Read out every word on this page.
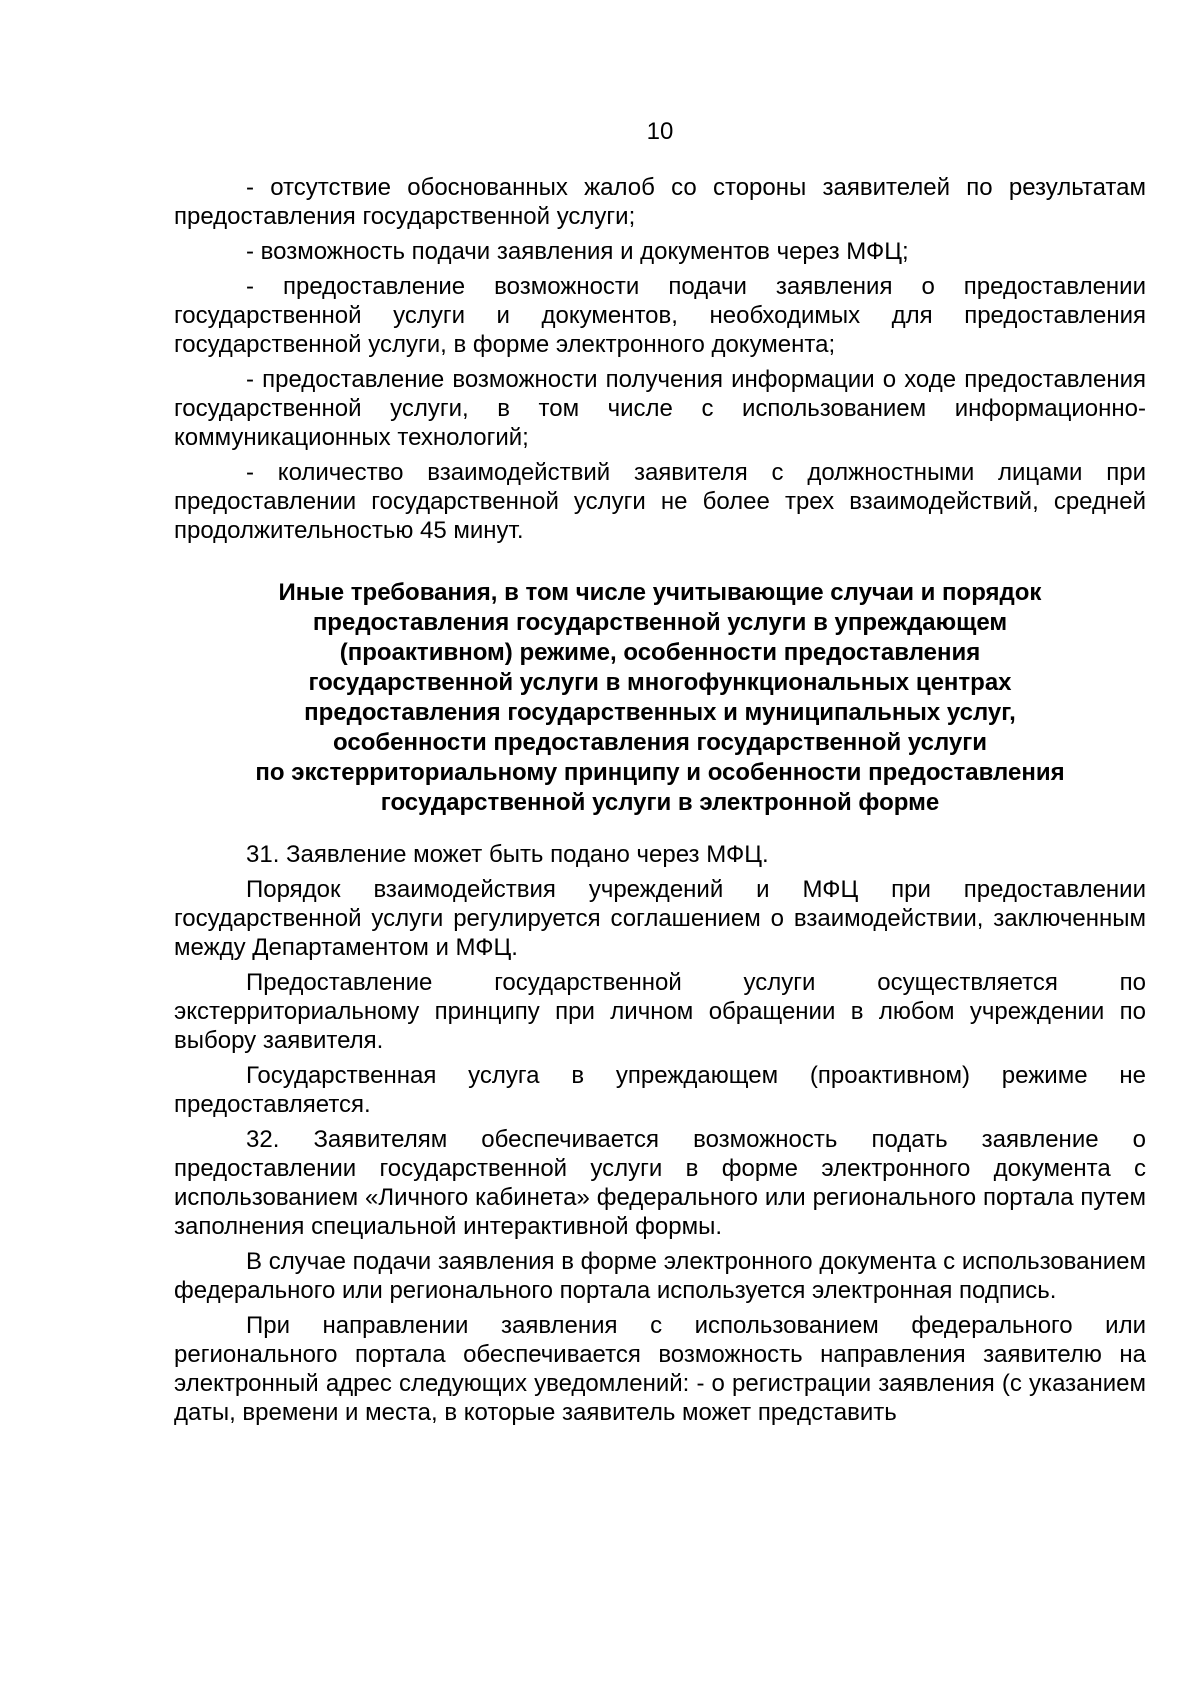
10

- отсутствие обоснованных жалоб со стороны заявителей по результатам предоставления государственной услуги;

- возможность подачи заявления и документов через МФЦ;

- предоставление возможности подачи заявления о предоставлении государственной услуги и документов, необходимых для предоставления государственной услуги, в форме электронного документа;

- предоставление возможности получения информации о ходе предоставления государственной услуги, в том числе с использованием информационно-коммуникационных технологий;

- количество взаимодействий заявителя с должностными лицами при предоставлении государственной услуги не более трех взаимодействий, средней продолжительностью 45 минут.

Иные требования, в том числе учитывающие случаи и порядок
предоставления государственной услуги в упреждающем
(проактивном) режиме, особенности предоставления
государственной услуги в многофункциональных центрах
предоставления государственных и муниципальных услуг,
особенности предоставления государственной услуги
по экстерриториальному принципу и особенности предоставления
государственной услуги в электронной форме

31. Заявление может быть подано через МФЦ.

Порядок взаимодействия учреждений и МФЦ при предоставлении государственной услуги регулируется соглашением о взаимодействии, заключенным между Департаментом и МФЦ.

Предоставление государственной услуги осуществляется по экстерриториальному принципу при личном обращении в любом учреждении по выбору заявителя.

Государственная услуга в упреждающем (проактивном) режиме не предоставляется.

32. Заявителям обеспечивается возможность подать заявление о предоставлении государственной услуги в форме электронного документа с использованием «Личного кабинета» федерального или регионального портала путем заполнения специальной интерактивной формы.

В случае подачи заявления в форме электронного документа с использованием федерального или регионального портала используется электронная подпись.

При направлении заявления с использованием федерального или регионального портала обеспечивается возможность направления заявителю на электронный адрес следующих уведомлений: - о регистрации заявления (с указанием даты, времени и места, в которые заявитель может представить
